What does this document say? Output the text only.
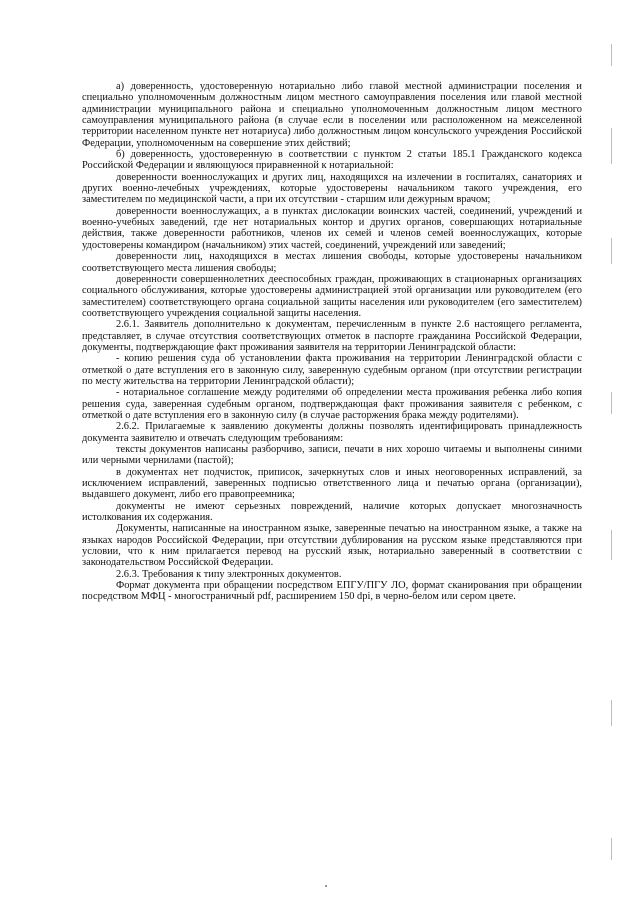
а) доверенность, удостоверенную нотариально либо главой местной администрации поселения и специально уполномоченным должностным лицом местного самоуправления поселения или главой местной администрации муниципального района и специально уполномоченным должностным лицом местного самоуправления муниципального района (в случае если в поселении или расположенном на межселенной территории населенном пункте нет нотариуса) либо должностным лицом консульского учреждения Российской Федерации, уполномоченным на совершение этих действий;

б) доверенность, удостоверенную в соответствии с пунктом 2 статьи 185.1 Гражданского кодекса Российской Федерации и являющуюся приравненной к нотариальной:

доверенности военнослужащих и других лиц, находящихся на излечении в госпиталях, санаториях и других военно-лечебных учреждениях, которые удостоверены начальником такого учреждения, его заместителем по медицинской части, а при их отсутствии - старшим или дежурным врачом;

доверенности военнослужащих, а в пунктах дислокации воинских частей, соединений, учреждений и военно-учебных заведений, где нет нотариальных контор и других органов, совершающих нотариальные действия, также доверенности работников, членов их семей и членов семей военнослужащих, которые удостоверены командиром (начальником) этих частей, соединений, учреждений или заведений;

доверенности лиц, находящихся в местах лишения свободы, которые удостоверены начальником соответствующего места лишения свободы;

доверенности совершеннолетних дееспособных граждан, проживающих в стационарных организациях социального обслуживания, которые удостоверены администрацией этой организации или руководителем (его заместителем) соответствующего органа социальной защиты населения или руководителем (его заместителем) соответствующего учреждения социальной защиты населения.

2.6.1. Заявитель дополнительно к документам, перечисленным в пункте 2.6 настоящего регламента, представляет, в случае отсутствия соответствующих отметок в паспорте гражданина Российской Федерации, документы, подтверждающие факт проживания заявителя на территории Ленинградской области:

- копию решения суда об установлении факта проживания на территории Ленинградской области с отметкой о дате вступления его в законную силу, заверенную судебным органом (при отсутствии регистрации по месту жительства на территории Ленинградской области);

- нотариальное соглашение между родителями об определении места проживания ребенка либо копия решения суда, заверенная судебным органом, подтверждающая факт проживания заявителя с ребенком, с отметкой о дате вступления его в законную силу (в случае расторжения брака между родителями).

2.6.2. Прилагаемые к заявлению документы должны позволять идентифицировать принадлежность документа заявителю и отвечать следующим требованиям:

тексты документов написаны разборчиво, записи, печати в них хорошо читаемы и выполнены синими или черными чернилами (пастой);

в документах нет подчисток, приписок, зачеркнутых слов и иных неоговоренных исправлений, за исключением исправлений, заверенных подписью ответственного лица и печатью органа (организации), выдавшего документ, либо его правопреемника;

документы не имеют серьезных повреждений, наличие которых допускает многозначность истолкования их содержания.

Документы, написанные на иностранном языке, заверенные печатью на иностранном языке, а также на языках народов Российской Федерации, при отсутствии дублирования на русском языке представляются при условии, что к ним прилагается перевод на русский язык, нотариально заверенный в соответствии с законодательством Российской Федерации.

2.6.3. Требования к типу электронных документов.

Формат документа при обращении посредством ЕПГУ/ПГУ ЛО, формат сканирования при обращении посредством МФЦ - многостраничный pdf, расширением 150 dpi, в черно-белом или сером цвете.
